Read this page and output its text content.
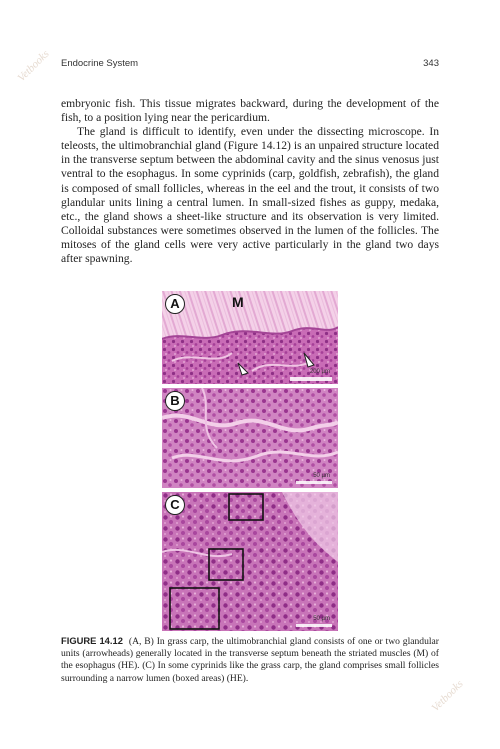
Vetbooks
Vetbooks
Endocrine System	343

embryonic fish. This tissue migrates backward, during the development of the fish, to a position lying near the pericardium.

The gland is difficult to identify, even under the dissecting microscope. In teleosts, the ultimobranchial gland (Figure 14.12) is an unpaired structure located in the transverse septum between the abdominal cavity and the sinus venosus just ventral to the esophagus. In some cyprinids (carp, goldfish, zebrafish), the gland is composed of small follicles, whereas in the eel and the trout, it consists of two glandular units lining a central lumen. In small-sized fishes as guppy, medaka, etc., the gland shows a sheet-like structure and its observation is very limited. Colloidal substances were sometimes observed in the lumen of the follicles. The mitoses of the gland cells were very active particularly in the gland two days after spawning.

A	M
200 µm
B
50 µm
C
50 µm
FIGURE 14.12 (A, B) In grass carp, the ultimobranchial gland consists of one or two glandular units (arrowheads) generally located in the transverse septum beneath the striated muscles (M) of the esophagus (HE). (C) In some cyprinids like the grass carp, the gland comprises small follicles surrounding a narrow lumen (boxed areas) (HE).
